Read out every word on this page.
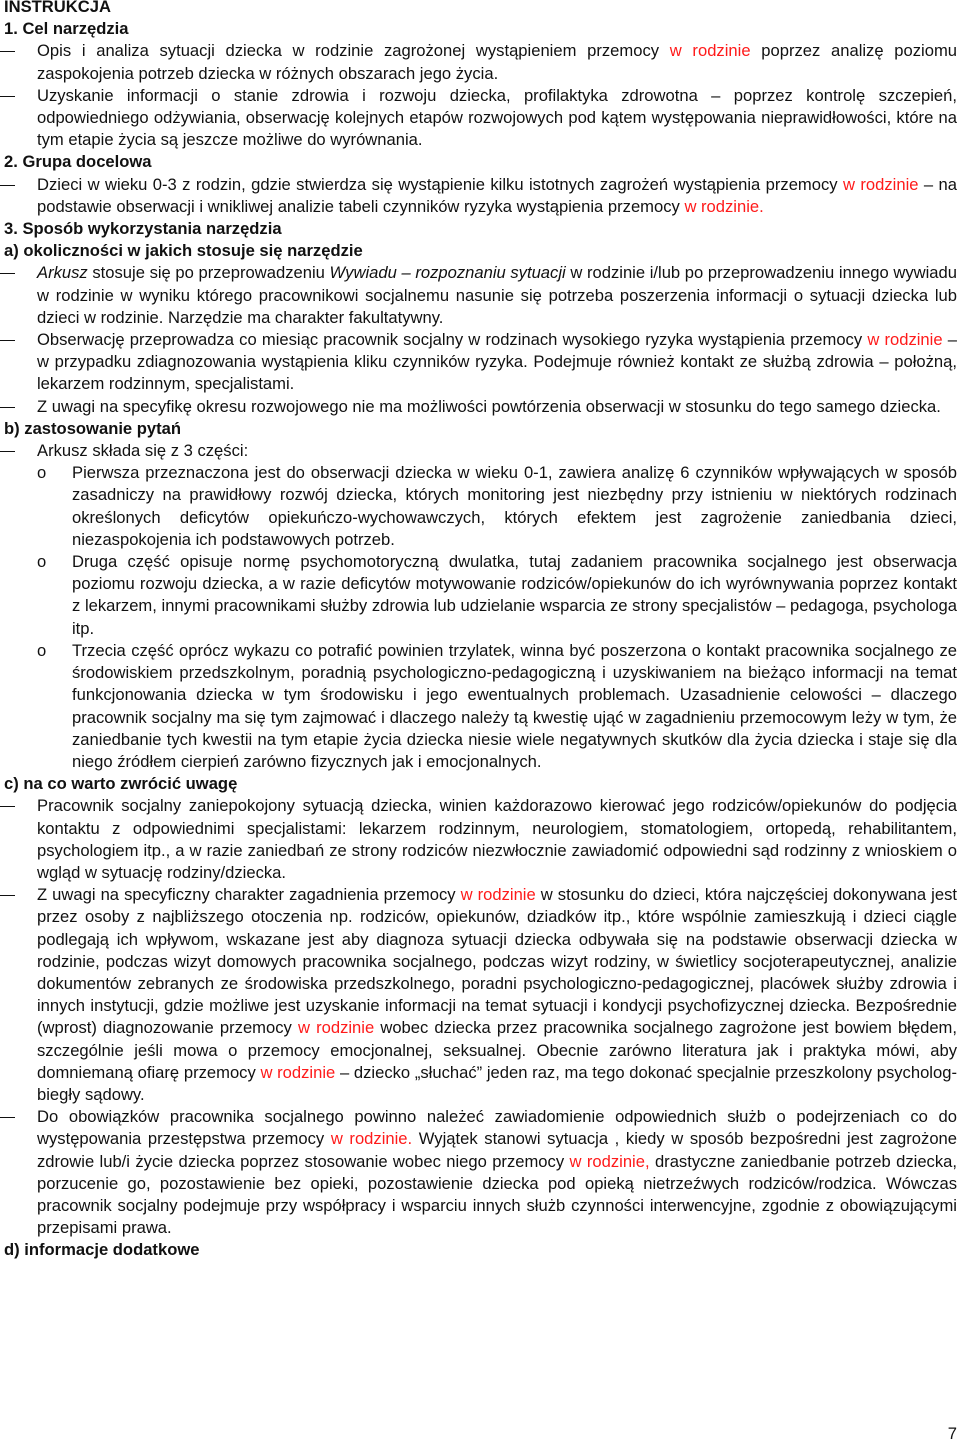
INSTRUKCJA

1. Cel narzędzia

Opis i analiza sytuacji dziecka w rodzinie zagrożonej wystąpieniem przemocy w rodzinie poprzez analizę poziomu zaspokojenia potrzeb dziecka w różnych obszarach jego życia.

Uzyskanie informacji o stanie zdrowia i rozwoju dziecka, profilaktyka zdrowotna – poprzez kontrolę szczepień, odpowiedniego odżywiania, obserwację kolejnych etapów rozwojowych pod kątem występowania nieprawidłowości, które na tym etapie życia są jeszcze możliwe do wyrównania.

2. Grupa docelowa

Dzieci w wieku 0-3 z rodzin, gdzie stwierdza się wystąpienie kilku istotnych zagrożeń wystąpienia przemocy w rodzinie – na podstawie obserwacji i wnikliwej analizie tabeli czynników ryzyka wystąpienia przemocy w rodzinie.

3. Sposób wykorzystania narzędzia

a) okoliczności w jakich stosuje się narzędzie

Arkusz stosuje się po przeprowadzeniu Wywiadu – rozpoznaniu sytuacji w rodzinie i/lub po przeprowadzeniu innego wywiadu w rodzinie w wyniku którego pracownikowi socjalnemu nasunie się potrzeba poszerzenia informacji o sytuacji dziecka lub dzieci w rodzinie. Narzędzie ma charakter fakultatywny.

Obserwację przeprowadza co miesiąc pracownik socjalny w rodzinach wysokiego ryzyka wystąpienia przemocy w rodzinie – w przypadku zdiagnozowania wystąpienia kliku czynników ryzyka. Podejmuje również kontakt ze służbą zdrowia – położną, lekarzem rodzinnym, specjalistami.

Z uwagi na specyfikę okresu rozwojowego nie ma możliwości powtórzenia obserwacji w stosunku do tego samego dziecka.

b) zastosowanie pytań

Arkusz składa się z 3 części:

o Pierwsza przeznaczona jest do obserwacji dziecka w wieku 0-1, zawiera analizę 6 czynników wpływających w sposób zasadniczy na prawidłowy rozwój dziecka, których monitoring jest niezbędny przy istnieniu w niektórych rodzinach określonych deficytów opiekuńczo-wychowawczych, których efektem jest zagrożenie zaniedbania dzieci, niezaspokojenia ich podstawowych potrzeb.

o Druga część opisuje normę psychomotoryczną dwulatka, tutaj zadaniem pracownika socjalnego jest obserwacja poziomu rozwoju dziecka, a w razie deficytów motywowanie rodziców/opiekunów do ich wyrównywania poprzez kontakt z lekarzem, innymi pracownikami służby zdrowia lub udzielanie wsparcia ze strony specjalistów – pedagoga, psychologa itp.

o Trzecia część oprócz wykazu co potrafić powinien trzylatek, winna być poszerzona o kontakt pracownika socjalnego ze środowiskiem przedszkolnym, poradnią psychologiczno-pedagogiczną i uzyskiwaniem na bieżąco informacji na temat funkcjonowania dziecka w tym środowisku i jego ewentualnych problemach. Uzasadnienie celowości – dlaczego pracownik socjalny ma się tym zajmować i dlaczego należy tą kwestię ująć w zagadnieniu przemocowym leży w tym, że zaniedbanie tych kwestii na tym etapie życia dziecka niesie wiele negatywnych skutków dla życia dziecka i staje się dla niego źródłem cierpień zarówno fizycznych jak i emocjonalnych.

c) na co warto zwrócić uwagę

Pracownik socjalny zaniepokojony sytuacją dziecka, winien każdorazowo kierować jego rodziców/opiekunów do podjęcia kontaktu z odpowiednimi specjalistami: lekarzem rodzinnym, neurologiem, stomatologiem, ortopedą, rehabilitantem, psychologiem itp., a w razie zaniedbań ze strony rodziców niezwłocznie zawiadomić odpowiedni sąd rodzinny z wnioskiem o wgląd w sytuację rodziny/dziecka.

Z uwagi na specyficzny charakter zagadnienia przemocy w rodzinie w stosunku do dzieci, która najczęściej dokonywana jest przez osoby z najbliższego otoczenia np. rodziców, opiekunów, dziadków itp., które wspólnie zamieszkują i dzieci ciągle podlegają ich wpływom, wskazane jest aby diagnoza sytuacji dziecka odbywała się na podstawie obserwacji dziecka w rodzinie, podczas wizyt domowych pracownika socjalnego, podczas wizyt rodziny, w świetlicy socjoterapeutycznej, analizie dokumentów zebranych ze środowiska przedszkolnego, poradni psychologiczno-pedagogicznej, placówek służby zdrowia i innych instytucji, gdzie możliwe jest uzyskanie informacji na temat sytuacji i kondycji psychofizycznej dziecka. Bezpośrednie (wprost) diagnozowanie przemocy w rodzinie wobec dziecka przez pracownika socjalnego zagrożone jest bowiem błędem, szczególnie jeśli mowa o przemocy emocjonalnej, seksualnej. Obecnie zarówno literatura jak i praktyka mówi, aby domniemaną ofiarę przemocy w rodzinie – dziecko „słuchać” jeden raz, ma tego dokonać specjalnie przeszkolony psycholog- biegły sądowy.

Do obowiązków pracownika socjalnego powinno należeć zawiadomienie odpowiednich służb o podejrzeniach co do występowania przestępstwa przemocy w rodzinie. Wyjątek stanowi sytuacja , kiedy w sposób bezpośredni jest zagrożone zdrowie lub/i życie dziecka poprzez stosowanie wobec niego przemocy w rodzinie, drastyczne zaniedbanie potrzeb dziecka, porzucenie go, pozostawienie bez opieki, pozostawienie dziecka pod opieką nietrzeźwych rodziców/rodzica. Wówczas pracownik socjalny podejmuje przy współpracy i wsparciu innych służb czynności interwencyjne, zgodnie z obowiązującymi przepisami prawa.

d) informacje dodatkowe

7
